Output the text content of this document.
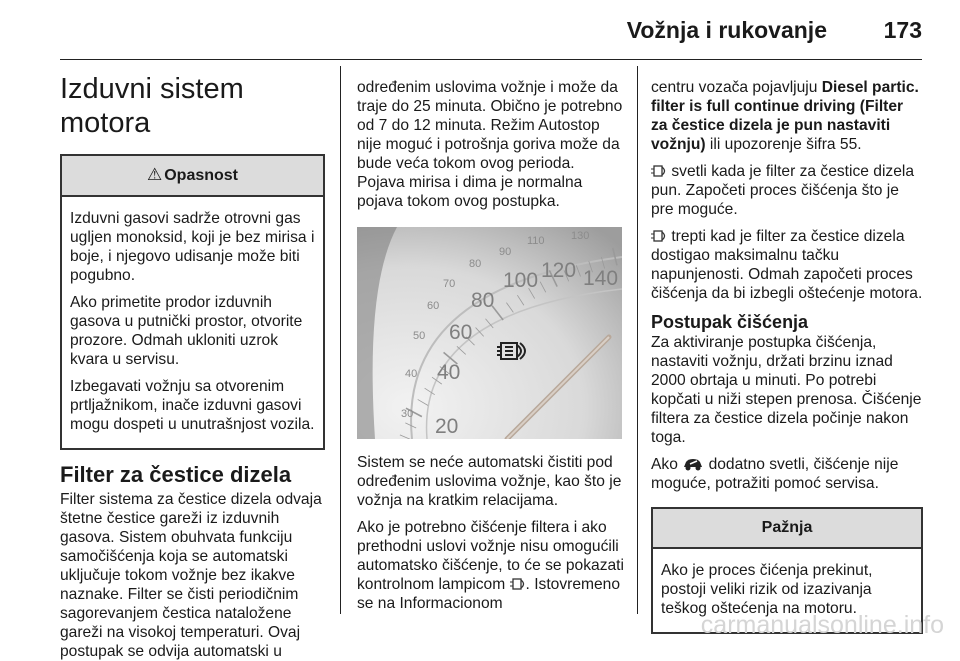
Vožnja i rukovanje 173
Izduvni sistem motora
⚠ Opasnost

Izduvni gasovi sadrže otrovni gas ugljen monoksid, koji je bez mirisa i boje, i njegovo udisanje može biti pogubno.

Ako primetite prodor izduvnih gasova u putnički prostor, otvorite prozore. Odmah ukloniti uzrok kvara u servisu.

Izbegavati vožnju sa otvorenim prtljažnikom, inače izduvni gasovi mogu dospeti u unutrašnjost vozila.

Filter za čestice dizela

Filter sistema za čestice dizela odvaja štetne čestice gareži iz izduvnih gasova. Sistem obuhvata funkciju samočišćenja koja se automatski uključuje tokom vožnje bez ikakve naznake. Filter se čisti periodičnim sagorevanjem čestica nataložene gareži na visokoj temperaturi. Ovaj postupak se odvija automatski u

određenim uslovima vožnje i može da traje do 25 minuta. Obično je potrebno od 7 do 12 minuta. Režim Autostop nije moguć i potrošnja goriva može da bude veća tokom ovog perioda. Pojava mirisa i dima je normalna pojava tokom ovog postupka.

30
40
50
60
70
80
90
110 130
20
40
60
80
100 120 140

Sistem se neće automatski čistiti pod određenim uslovima vožnje, kao što je vožnja na kratkim relacijama.

Ako je potrebno čišćenje filtera i ako prethodni uslovi vožnje nisu omogućili automatsko čišćenje, to će se pokazati kontrolnom lampicom . Istovremeno se na Informacionom

centru vozača pojavljuju Diesel partic. filter is full continue driving (Filter za čestice dizela je pun nastaviti vožnju) ili upozorenje šifra 55.

svetli kada je filter za čestice dizela pun. Započeti proces čišćenja što je pre moguće.

trepti kad je filter za čestice dizela dostigao maksimalnu tačku napunjenosti. Odmah započeti proces čišćenja da bi izbegli oštećenje motora.

Postupak čišćenja

Za aktiviranje postupka čišćenja, nastaviti vožnju, držati brzinu iznad 2000 obrtaja u minuti. Po potrebi kopčati u niži stepen prenosa. Čišćenje filtera za čestice dizela počinje nakon toga.

Ako dodatno svetli, čišćenje nije moguće, potražiti pomoć servisa.

Pažnja

Ako je proces čićenja prekinut, postoji veliki rizik od izazivanja teškog oštećenja na motoru.

carmanualsonline.info
